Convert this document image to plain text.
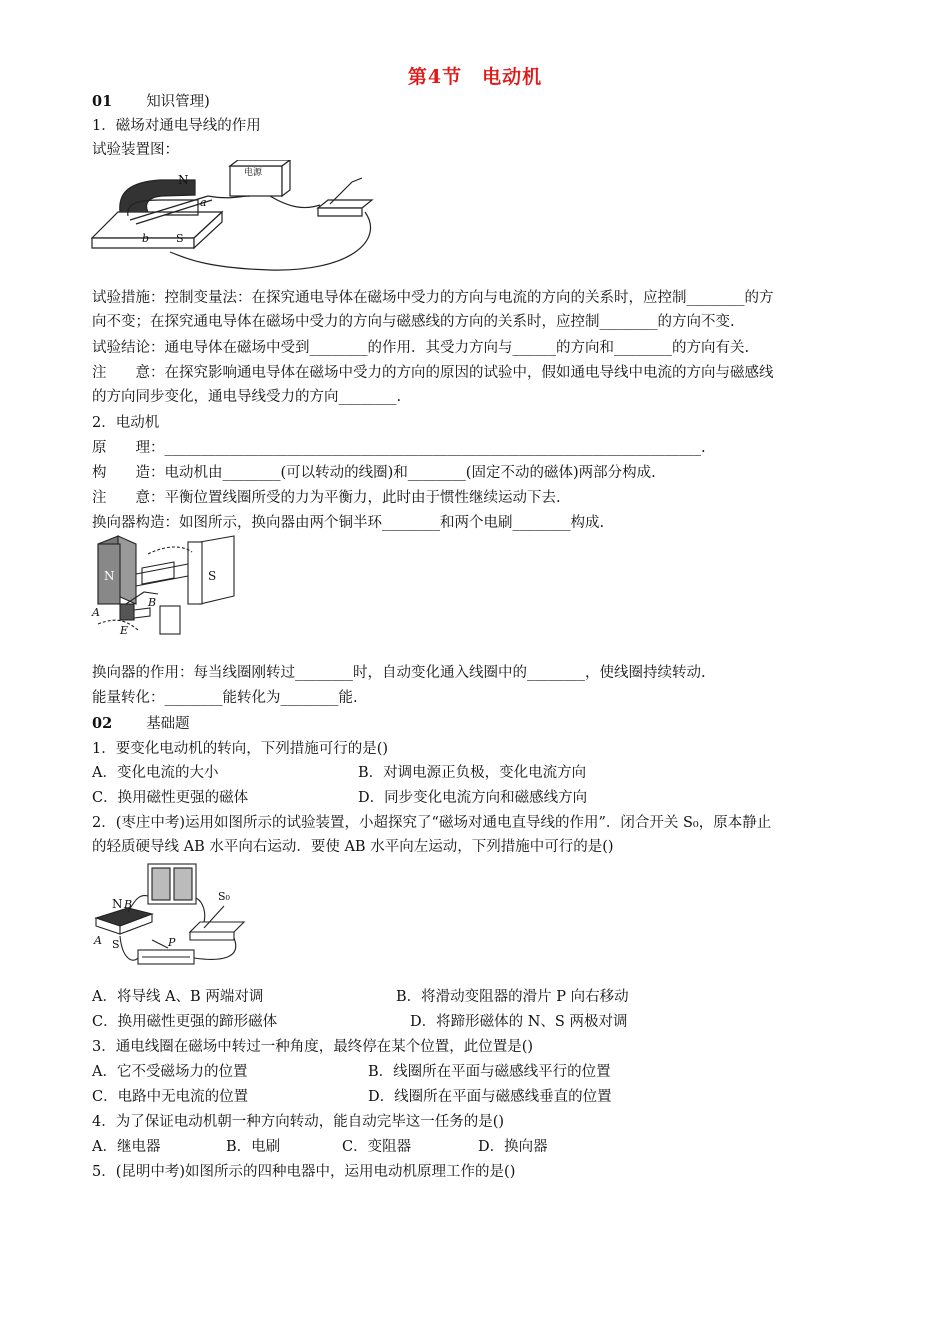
第4节　电动机
01 知识管理)
1．磁场对通电导线的作用
试验装置图：
N
S
a
b
电源
试验措施：控制变量法：在探究通电导体在磁场中受力的方向与电流的方向的关系时，应控制________的方
向不变；在探究通电导体在磁场中受力的方向与磁感线的方向的关系时，应控制________的方向不变.
试验结论：通电导体在磁场中受到________的作用．其受力方向与______的方向和________的方向有关.
注　　意：在探究影响通电导体在磁场中受力的方向的原因的试验中，假如通电导线中电流的方向与磁感线
的方向同步变化，通电导线受力的方向________.
2．电动机
原　　理：__________________________________________________________________________.
构　　造：电动机由________(可以转动的线圈)和________(固定不动的磁体)两部分构成.
注　　意：平衡位置线圈所受的力为平衡力，此时由于惯性继续运动下去.
换向器构造：如图所示，换向器由两个铜半环________和两个电刷________构成.
N	S
A
B
E
换向器的作用：每当线圈刚转过________时，自动变化通入线圈中的________，使线圈持续转动.
能量转化：________能转化为________能.
02 基础题
1．要变化电动机的转向，下列措施可行的是()
A．变化电流的大小	B．对调电源正负极，变化电流方向
C．换用磁性更强的磁体	D．同步变化电流方向和磁感线方向
2．(枣庄中考)运用如图所示的试验装置，小超探究了“磁场对通电直导线的作用”．闭合开关 S₀，原本静止
的轻质硬导线 AB 水平向右运动．要使 AB 水平向左运动，下列措施中可行的是()
N B
A S
S₀
P
A．将导线 A、B 两端对调	B．将滑动变阻器的滑片 P 向右移动
C．换用磁性更强的蹄形磁体	D．将蹄形磁体的 N、S 两极对调
3．通电线圈在磁场中转过一种角度，最终停在某个位置，此位置是()
A．它不受磁场力的位置	B．线圈所在平面与磁感线平行的位置
C．电路中无电流的位置	D．线圈所在平面与磁感线垂直的位置
4．为了保证电动机朝一种方向转动，能自动完毕这一任务的是()
A．继电器	B．电刷	C．变阻器	D．换向器
5．(昆明中考)如图所示的四种电器中，运用电动机原理工作的是()
